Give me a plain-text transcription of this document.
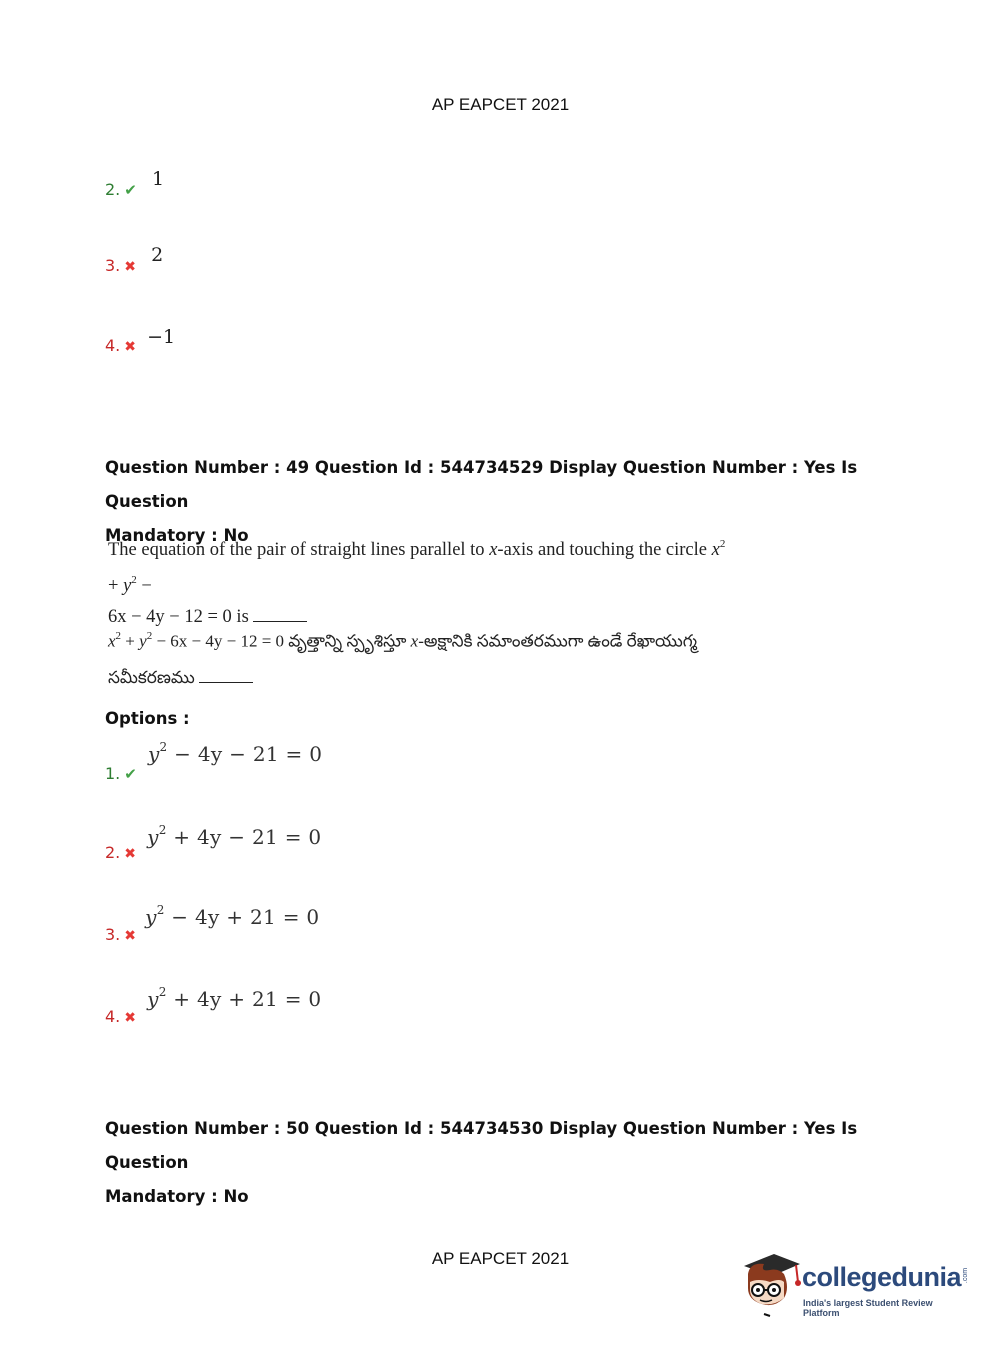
AP EAPCET 2021
2. ✔ 1
3. ✖ 2
4. ✖ −1
Question Number : 49 Question Id : 544734529 Display Question Number : Yes Is Question
Mandatory : No
The equation of the pair of straight lines parallel to x-axis and touching the circle $x^2 + y^2$ −
6x − 4y − 12 = 0 is
$x^2 + y^2 - 6x - 4y - 12 = 0$ వృత్తాన్ని స్పృశిస్తూ x-అక్షానికి సమాంతరముగా ఉండే రేఖాయుగ్మ
సమీకరణము
Options :
1. ✔ $y^2 - 4y - 21 = 0$
2. ✖ $y^2 + 4y - 21 = 0$
3. ✖ $y^2 - 4y + 21 = 0$
4. ✖ $y^2 + 4y + 21 = 0$
Question Number : 50 Question Id : 544734530 Display Question Number : Yes Is Question
Mandatory : No
AP EAPCET 2021
collegedunia .com
India's largest Student Review Platform
